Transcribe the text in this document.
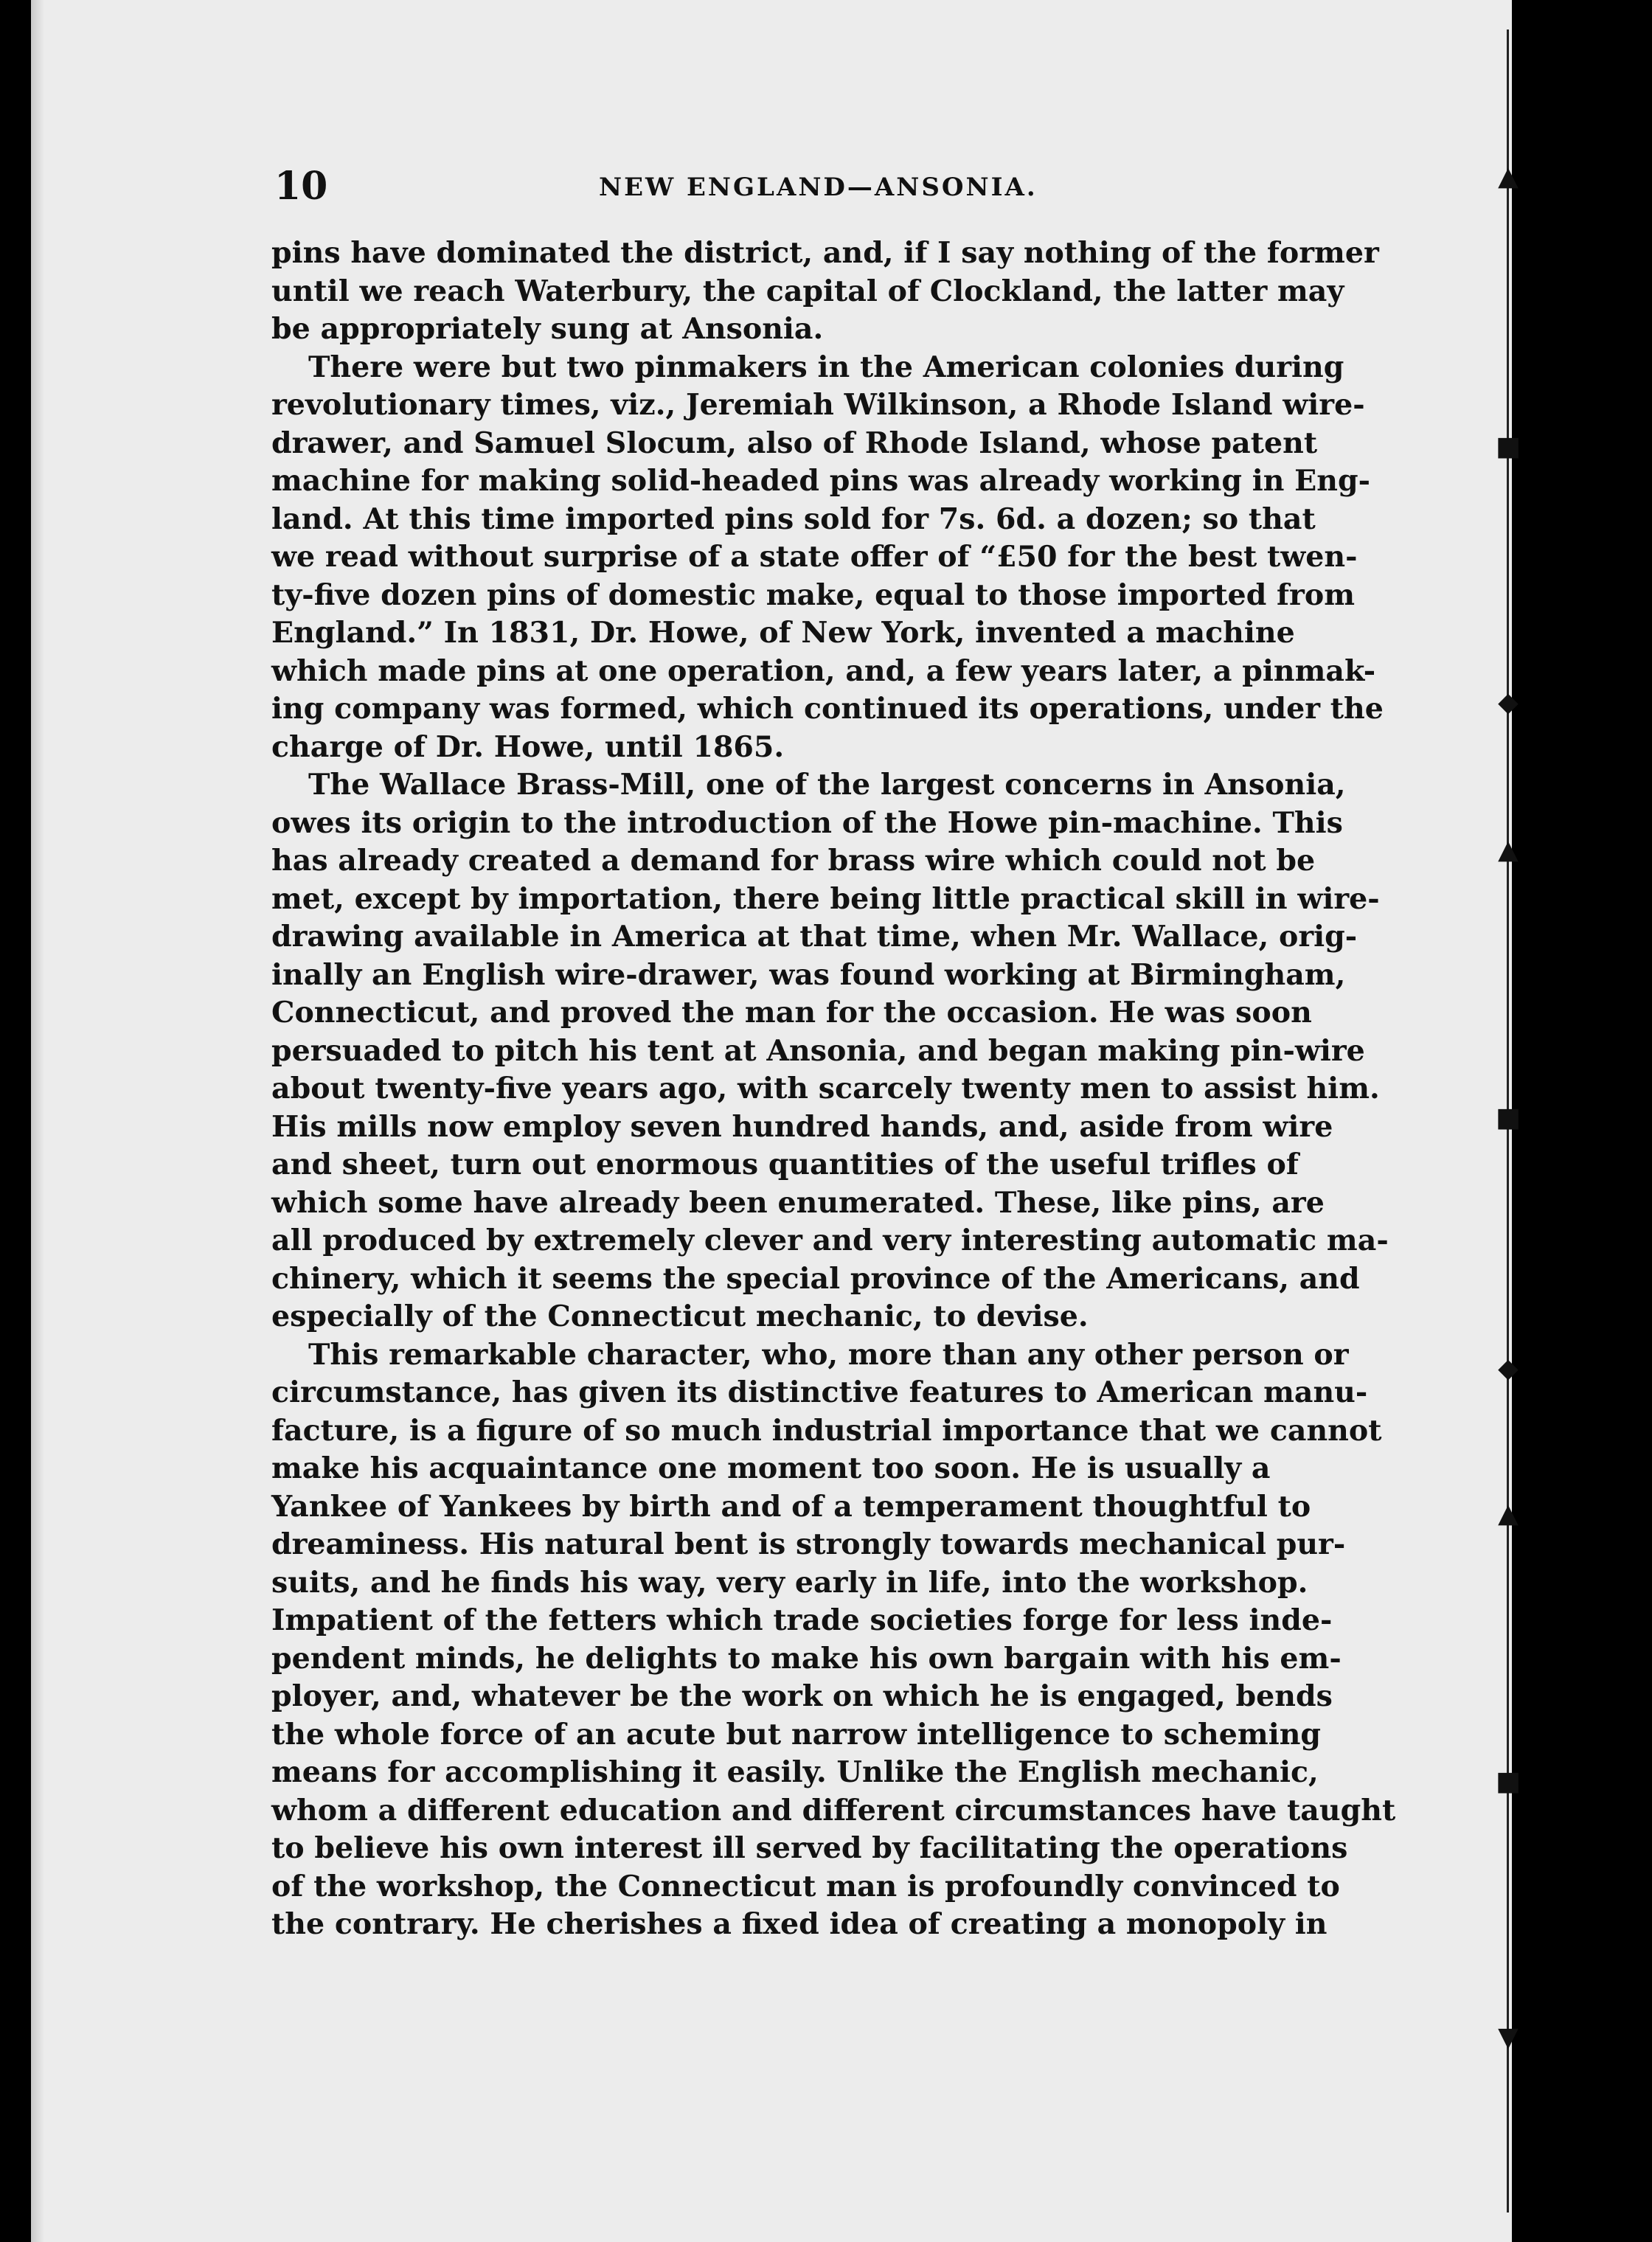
10	NEW ENGLAND—ANSONIA.
pins have dominated the district, and, if I say nothing of the former
until we reach Waterbury, the capital of Clockland, the latter may
be appropriately sung at Ansonia.
There were but two pinmakers in the American colonies during
revolutionary times, viz., Jeremiah Wilkinson, a Rhode Island wire-
drawer, and Samuel Slocum, also of Rhode Island, whose patent
machine for making solid-headed pins was already working in Eng-
land. At this time imported pins sold for 7s. 6d. a dozen; so that
we read without surprise of a state offer of “£50 for the best twen-
ty-five dozen pins of domestic make, equal to those imported from
England.” In 1831, Dr. Howe, of New York, invented a machine
which made pins at one operation, and, a few years later, a pinmak-
ing company was formed, which continued its operations, under the
charge of Dr. Howe, until 1865.
The Wallace Brass-Mill, one of the largest concerns in Ansonia,
owes its origin to the introduction of the Howe pin-machine. This
has already created a demand for brass wire which could not be
met, except by importation, there being little practical skill in wire-
drawing available in America at that time, when Mr. Wallace, orig-
inally an English wire-drawer, was found working at Birmingham,
Connecticut, and proved the man for the occasion. He was soon
persuaded to pitch his tent at Ansonia, and began making pin-wire
about twenty-five years ago, with scarcely twenty men to assist him.
His mills now employ seven hundred hands, and, aside from wire
and sheet, turn out enormous quantities of the useful trifles of
which some have already been enumerated. These, like pins, are
all produced by extremely clever and very interesting automatic ma-
chinery, which it seems the special province of the Americans, and
especially of the Connecticut mechanic, to devise.
This remarkable character, who, more than any other person or
circumstance, has given its distinctive features to American manu-
facture, is a figure of so much industrial importance that we cannot
make his acquaintance one moment too soon. He is usually a
Yankee of Yankees by birth and of a temperament thoughtful to
dreaminess. His natural bent is strongly towards mechanical pur-
suits, and he finds his way, very early in life, into the workshop.
Impatient of the fetters which trade societies forge for less inde-
pendent minds, he delights to make his own bargain with his em-
ployer, and, whatever be the work on which he is engaged, bends
the whole force of an acute but narrow intelligence to scheming
means for accomplishing it easily. Unlike the English mechanic,
whom a different education and different circumstances have taught
to believe his own interest ill served by facilitating the operations
of the workshop, the Connecticut man is profoundly convinced to
the contrary. He cherishes a fixed idea of creating a monopoly in
▲
■
◆
▲
■
◆
▲
■
▼
